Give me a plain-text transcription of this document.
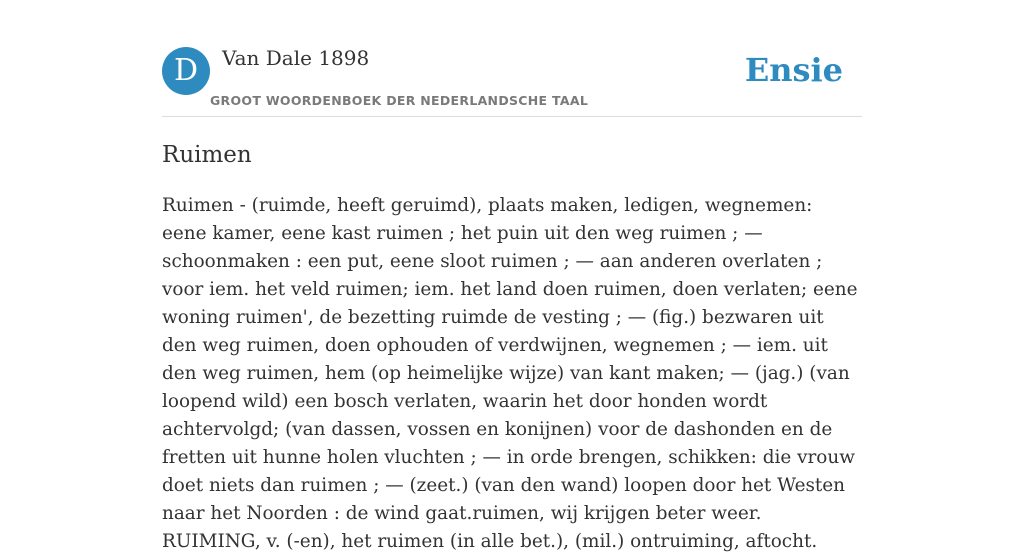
D	Van Dale 1898
GROOT WOORDENBOEK DER NEDERLANDSCHE TAAL
Ensie
Ruimen

Ruimen - (ruimde, heeft geruimd), plaats maken, ledigen, wegnemen: eene kamer, eene kast ruimen ; het puin uit den weg ruimen ; — schoonmaken : een put, eene sloot ruimen ; — aan anderen overlaten ; voor iem. het veld ruimen; iem. het land doen ruimen, doen verlaten; eene woning ruimen', de bezetting ruimde de vesting ; — (fig.) bezwaren uit den weg ruimen, doen ophouden of verdwijnen, wegnemen ; — iem. uit den weg ruimen, hem (op heimelijke wijze) van kant maken; — (jag.) (van loopend wild) een bosch verlaten, waarin het door honden wordt achtervolgd; (van dassen, vossen en konijnen) voor de dashonden en de fretten uit hunne holen vluchten ; — in orde brengen, schikken: die vrouw doet niets dan ruimen ; — (zeet.) (van den wand) loopen door het Westen naar het Noorden : de wind gaat.ruimen, wij krijgen beter weer. RUIMING, v. (-en), het ruimen (in alle bet.), (mil.) ontruiming, aftocht.
